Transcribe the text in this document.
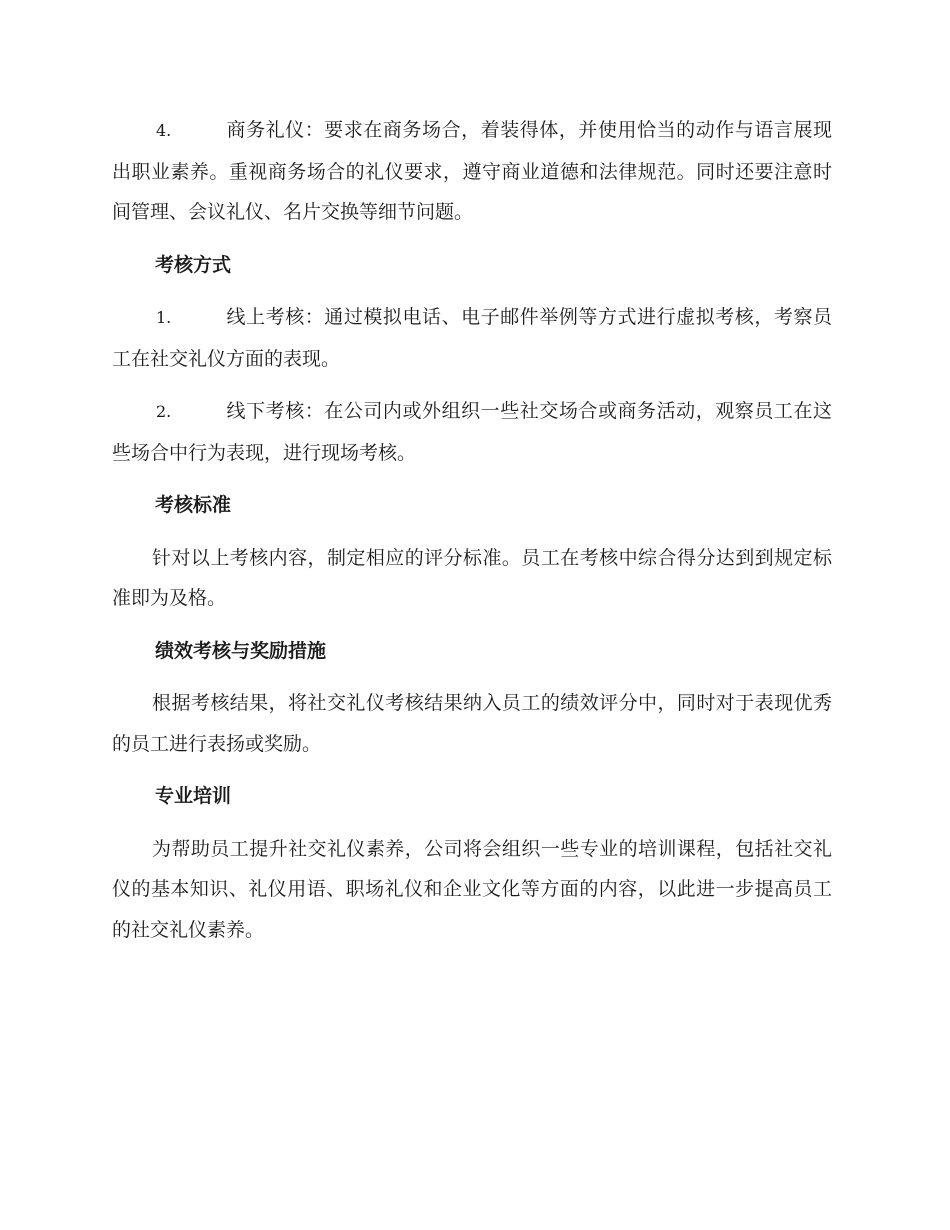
4.	商务礼仪：要求在商务场合，着装得体，并使用恰当的动作与语言展现出职业素养。重视商务场合的礼仪要求，遵守商业道德和法律规范。同时还要注意时间管理、会议礼仪、名片交换等细节问题。

考核方式

1.	线上考核：通过模拟电话、电子邮件举例等方式进行虚拟考核，考察员工在社交礼仪方面的表现。

2.	线下考核：在公司内或外组织一些社交场合或商务活动，观察员工在这些场合中行为表现，进行现场考核。

考核标准

针对以上考核内容，制定相应的评分标准。员工在考核中综合得分达到到规定标准即为及格。

绩效考核与奖励措施

根据考核结果，将社交礼仪考核结果纳入员工的绩效评分中，同时对于表现优秀的员工进行表扬或奖励。

专业培训

为帮助员工提升社交礼仪素养，公司将会组织一些专业的培训课程，包括社交礼仪的基本知识、礼仪用语、职场礼仪和企业文化等方面的内容，以此进一步提高员工的社交礼仪素养。
